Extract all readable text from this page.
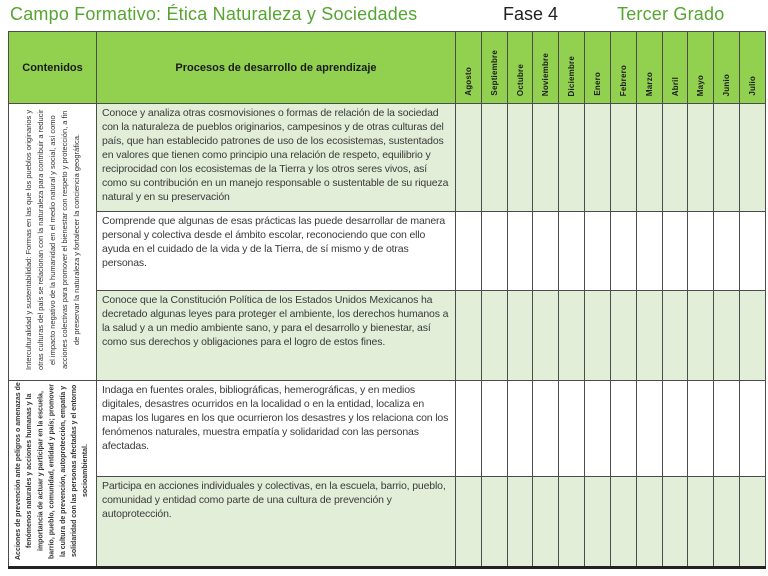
Campo Formativo: Ética Naturaleza y Sociedades	Fase 4	Tercer Grado
Contenidos	Procesos de desarrollo de aprendizaje	Agosto	Septiembre	Octubre	Noviembre	Diciembre	Enero	Febrero	Marzo	Abril	Mayo	Junio	Julio
Interculturalidad y sustentabilidad: Formas en las que los pueblos originarios y otras culturas del país se relacionan con la naturaleza para contribuir a reducir el impacto negativo de la humanidad en el medio natural y social, así como acciones colectivas para promover el bienestar con respeto y protección, a fin de preservar la naturaleza y fortalecer la conciencia geográfica.	Conoce y analiza otras cosmovisiones o formas de relación de la sociedad con la naturaleza de pueblos originarios, campesinos y de otras culturas del país, que han establecido patrones de uso de los ecosistemas, sustentados en valores que tienen como principio una relación de respeto, equilibrio y reciprocidad con los ecosistemas de la Tierra y los otros seres vivos, así como su contribución en un manejo responsable o sustentable de su riqueza natural y en su preservación												
	Comprende que algunas de esas prácticas las puede desarrollar de manera personal y colectiva desde el ámbito escolar, reconociendo que con ello ayuda en el cuidado de la vida y de la Tierra, de sí mismo y de otras personas.												
	Conoce que la Constitución Política de los Estados Unidos Mexicanos ha decretado algunas leyes para proteger el ambiente, los derechos humanos a la salud y a un medio ambiente sano, y para el desarrollo y bienestar, así como sus derechos y obligaciones para el logro de estos fines.												
Acciones de prevención ante peligros o amenazas de fenómenos naturales y acciones humanas y la importancia de actuar y participar en la escuela, barrio, pueblo, comunidad, entidad y país; promover la cultura de prevención, autoprotección, empatía y solidaridad con las personas afectadas y el entorno socioambiental.	Indaga en fuentes orales, bibliográficas, hemerográficas, y en medios digitales, desastres ocurridos en la localidad o en la entidad, localiza en mapas los lugares en los que ocurrieron los desastres y los relaciona con los fenómenos naturales, muestra empatía y solidaridad con las personas afectadas.												
	Participa en acciones individuales y colectivas, en la escuela, barrio, pueblo, comunidad y entidad como parte de una cultura de prevención y autoprotección.												
